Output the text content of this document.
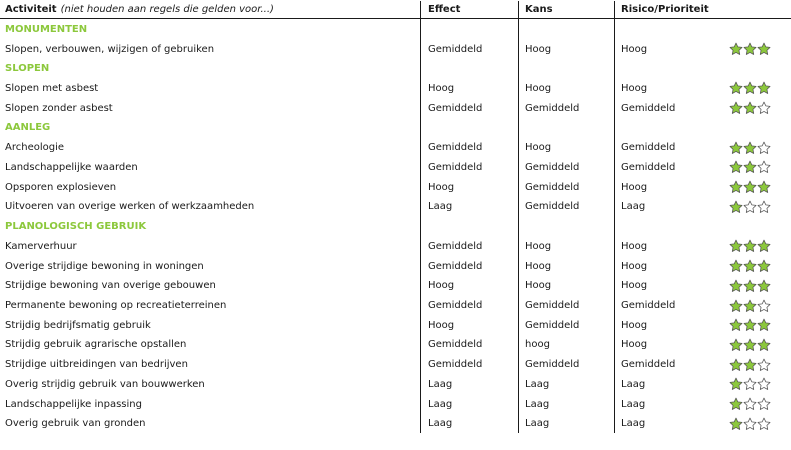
Activiteit (niet houden aan regels die gelden voor...)	Effect	Kans	Risico/Prioriteit
MONUMENTEN
Slopen, verbouwen, wijzigen of gebruiken	Gemiddeld	Hoog	Hoog
SLOPEN
Slopen met asbest	Hoog	Hoog	Hoog
Slopen zonder asbest	Gemiddeld	Gemiddeld	Gemiddeld
AANLEG
Archeologie	Gemiddeld	Hoog	Gemiddeld
Landschappelijke waarden	Gemiddeld	Gemiddeld	Gemiddeld
Opsporen explosieven	Hoog	Gemiddeld	Hoog
Uitvoeren van overige werken of werkzaamheden	Laag	Gemiddeld	Laag
PLANOLOGISCH GEBRUIK
Kamerverhuur	Gemiddeld	Hoog	Hoog
Overige strijdige bewoning in woningen	Gemiddeld	Hoog	Hoog
Strijdige bewoning van overige gebouwen	Hoog	Hoog	Hoog
Permanente bewoning op recreatieterreinen	Gemiddeld	Gemiddeld	Gemiddeld
Strijdig bedrijfsmatig gebruik	Hoog	Gemiddeld	Hoog
Strijdig gebruik agrarische opstallen	Gemiddeld	hoog	Hoog
Strijdige uitbreidingen van bedrijven	Gemiddeld	Gemiddeld	Gemiddeld
Overig strijdig gebruik van bouwwerken	Laag	Laag	Laag
Landschappelijke inpassing	Laag	Laag	Laag
Overig gebruik van gronden	Laag	Laag	Laag
